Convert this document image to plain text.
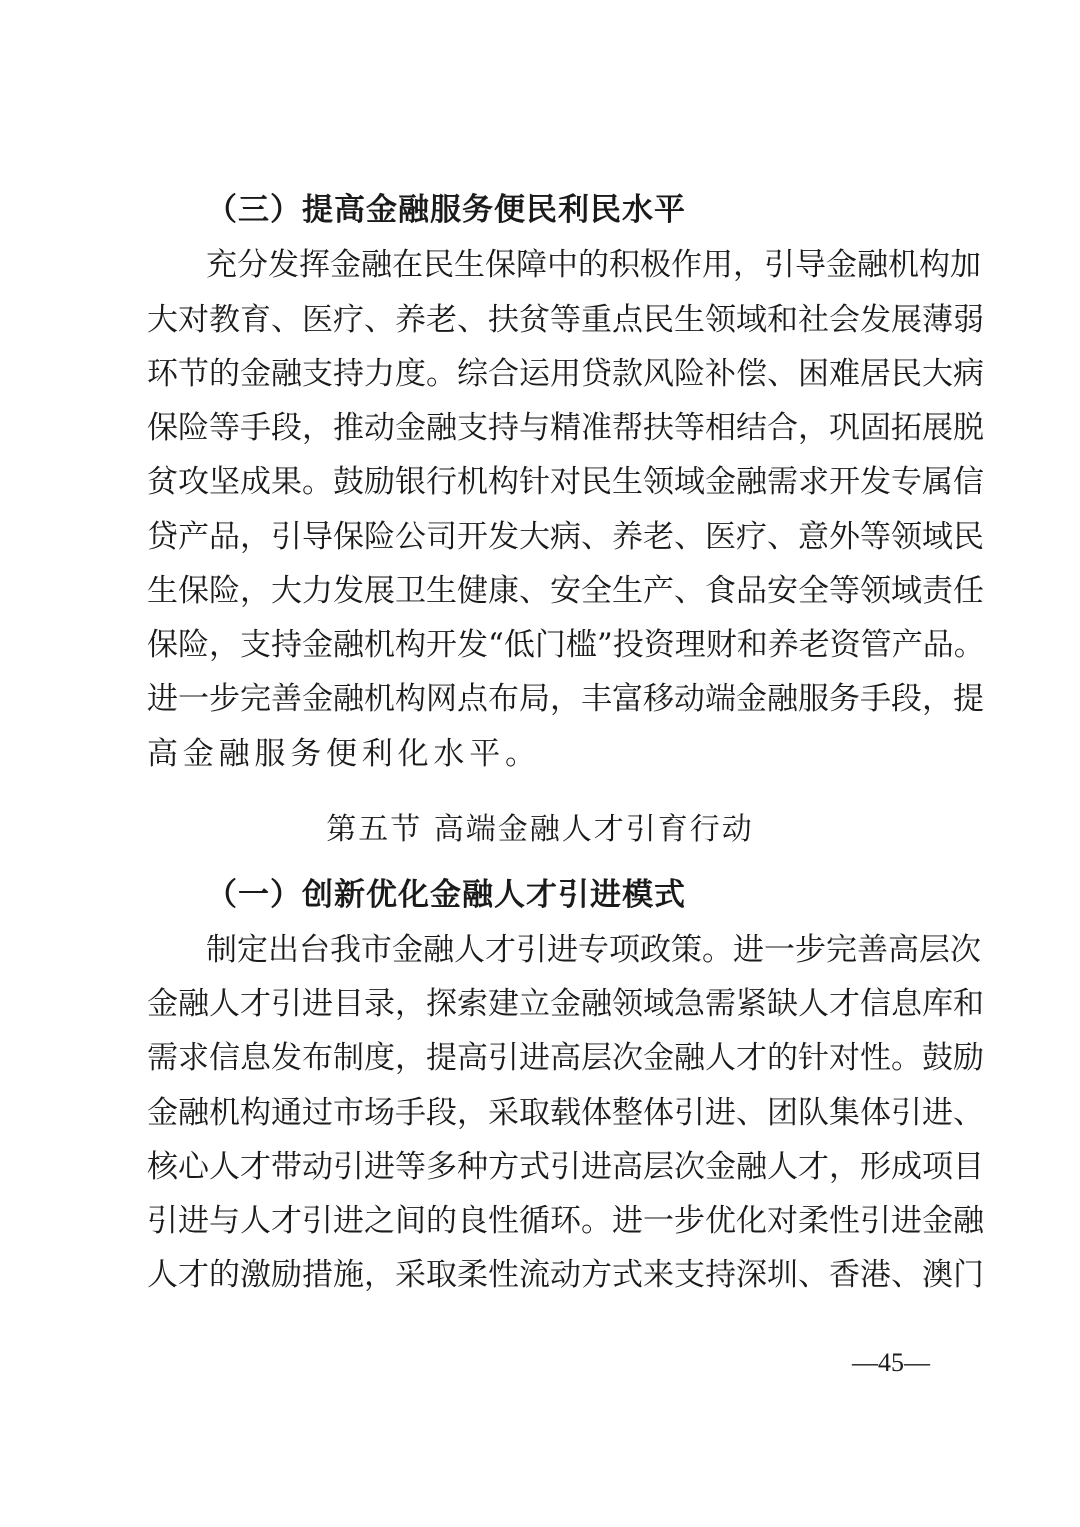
（三）提高金融服务便民利民水平
充分发挥金融在民生保障中的积极作用，引导金融机构加
大对教育、医疗、养老、扶贫等重点民生领域和社会发展薄弱
环节的金融支持力度。综合运用贷款风险补偿、困难居民大病
保险等手段，推动金融支持与精准帮扶等相结合，巩固拓展脱
贫攻坚成果。鼓励银行机构针对民生领域金融需求开发专属信
贷产品，引导保险公司开发大病、养老、医疗、意外等领域民
生保险，大力发展卫生健康、安全生产、食品安全等领域责任
保险，支持金融机构开发“低门槛”投资理财和养老资管产品。
进一步完善金融机构网点布局，丰富移动端金融服务手段，提
高金融服务便利化水平。
第五节 高端金融人才引育行动
（一）创新优化金融人才引进模式
制定出台我市金融人才引进专项政策。进一步完善高层次
金融人才引进目录，探索建立金融领域急需紧缺人才信息库和
需求信息发布制度，提高引进高层次金融人才的针对性。鼓励
金融机构通过市场手段，采取载体整体引进、团队集体引进、
核心人才带动引进等多种方式引进高层次金融人才，形成项目
引进与人才引进之间的良性循环。进一步优化对柔性引进金融
人才的激励措施，采取柔性流动方式来支持深圳、香港、澳门
—45—
